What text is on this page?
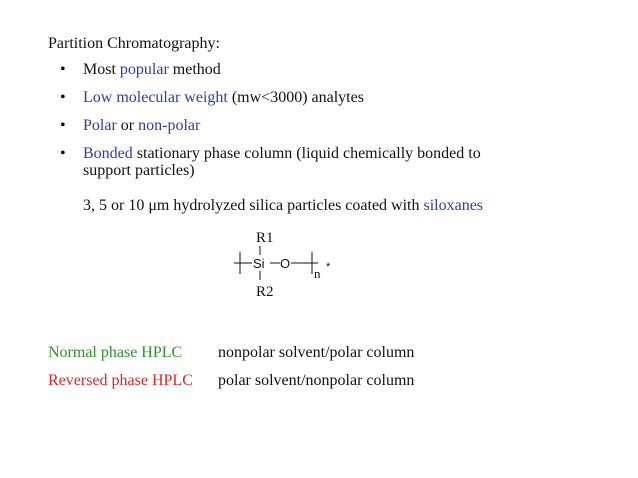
Partition Chromatography:
• Most popular method
• Low molecular weight (mw<3000) analytes
• Polar or non-polar
• Bonded stationary phase column (liquid chemically bonded to support particles)
3, 5 or 10 μm hydrolyzed silica particles coated with siloxanes
R1
Si O
n *
R2
Normal phase HPLC nonpolar solvent/polar column
Reversed phase HPLC polar solvent/nonpolar column
